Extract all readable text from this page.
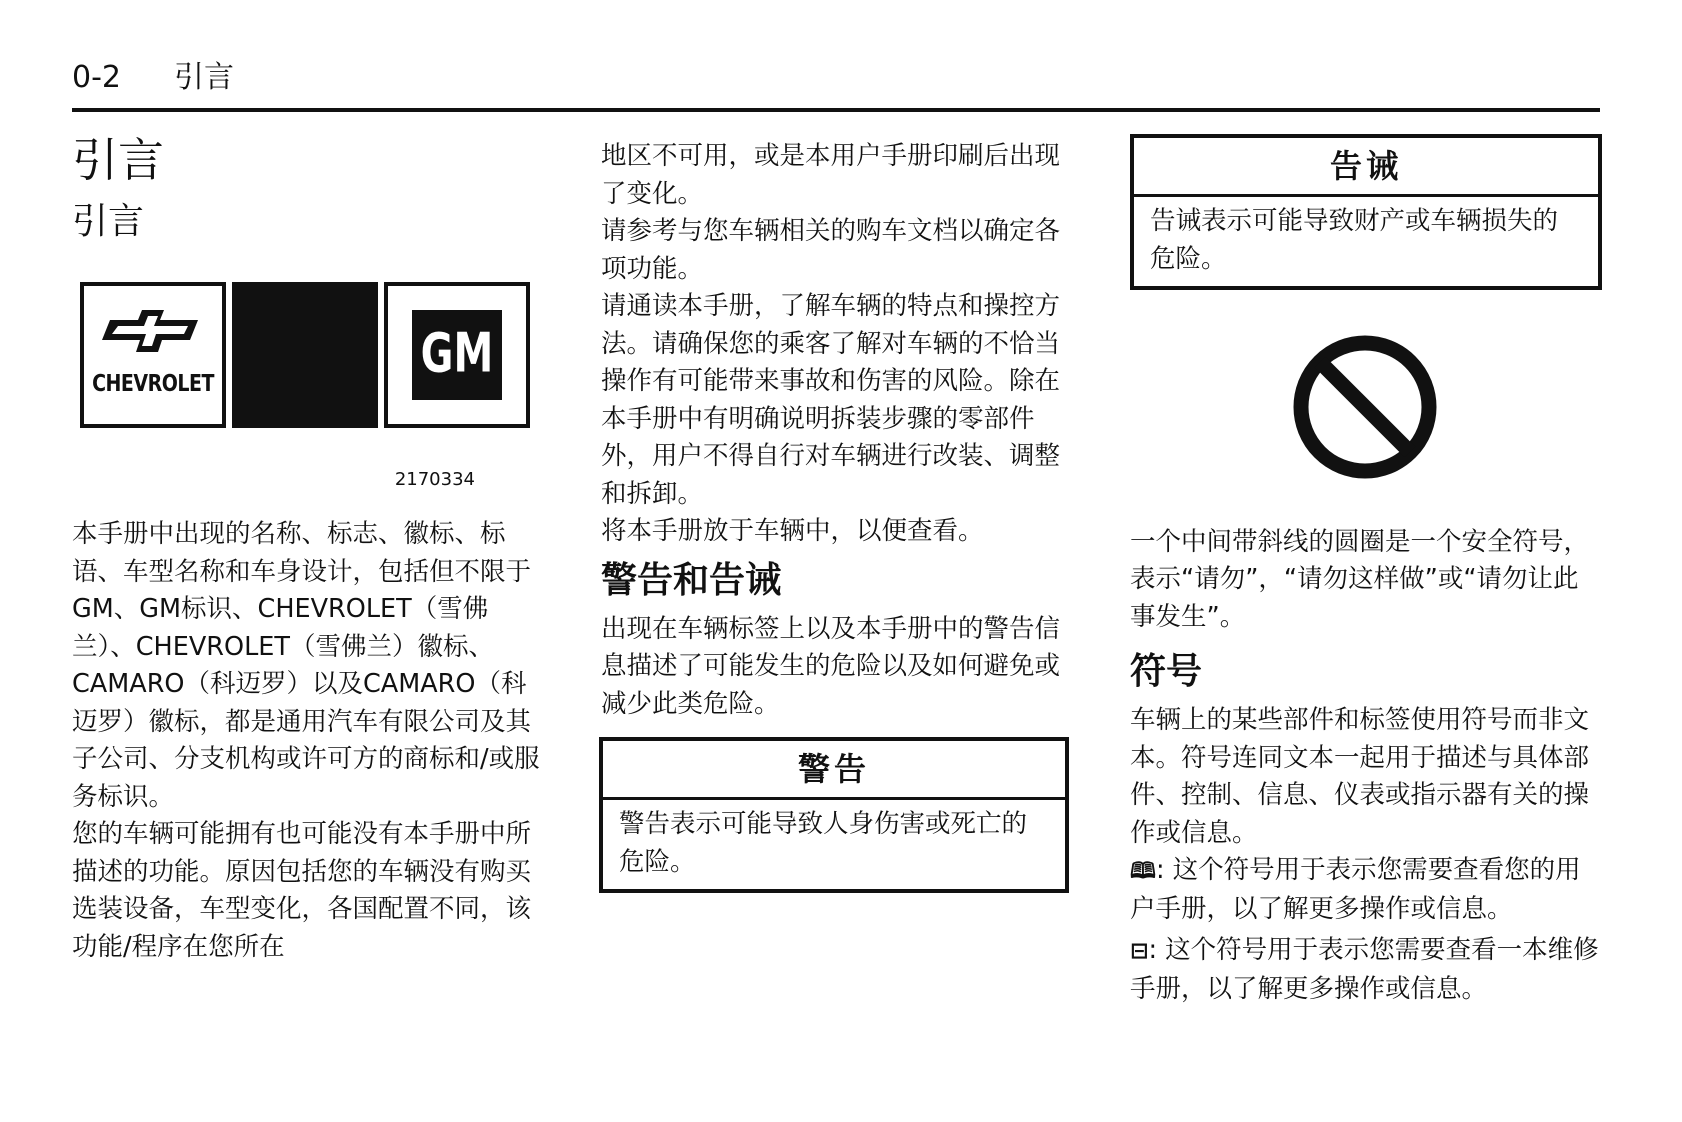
0-2 引言
引言
引言
CHEVROLET	GM
2170334

本手册中出现的名称、标志、徽标、标语、车型名称和车身设计，包括但不限于GM、GM标识、CHEVROLET（雪佛兰）、CHEVROLET（雪佛兰）徽标、CAMARO（科迈罗）以及CAMARO（科迈罗）徽标，都是通用汽车有限公司及其子公司、分支机构或许可方的商标和/或服务标识。

您的车辆可能拥有也可能没有本手册中所描述的功能。原因包括您的车辆没有购买选装设备，车型变化，各国配置不同，该功能/程序在您所在

地区不可用，或是本用户手册印刷后出现了变化。

请参考与您车辆相关的购车文档以确定各项功能。

请通读本手册，了解车辆的特点和操控方法。请确保您的乘客了解对车辆的不恰当操作有可能带来事故和伤害的风险。除在本手册中有明确说明拆装步骤的零部件外，用户不得自行对车辆进行改装、调整和拆卸。

将本手册放于车辆中，以便查看。

警告和告诫

出现在车辆标签上以及本手册中的警告信息描述了可能发生的危险以及如何避免或减少此类危险。

警告
警告表示可能导致人身伤害或死亡的危险。
告诫
告诫表示可能导致财产或车辆损失的危险。

一个中间带斜线的圆圈是一个安全符号，表示“请勿”，“请勿这样做”或“请勿让此事发生”。

符号

车辆上的某些部件和标签使用符号而非文本。符号连同文本一起用于描述与具体部件、控制、信息、仪表或指示器有关的操作或信息。

🕮: 这个符号用于表示您需要查看您的用户手册，以了解更多操作或信息。

⊟: 这个符号用于表示您需要查看一本维修手册，以了解更多操作或信息。
